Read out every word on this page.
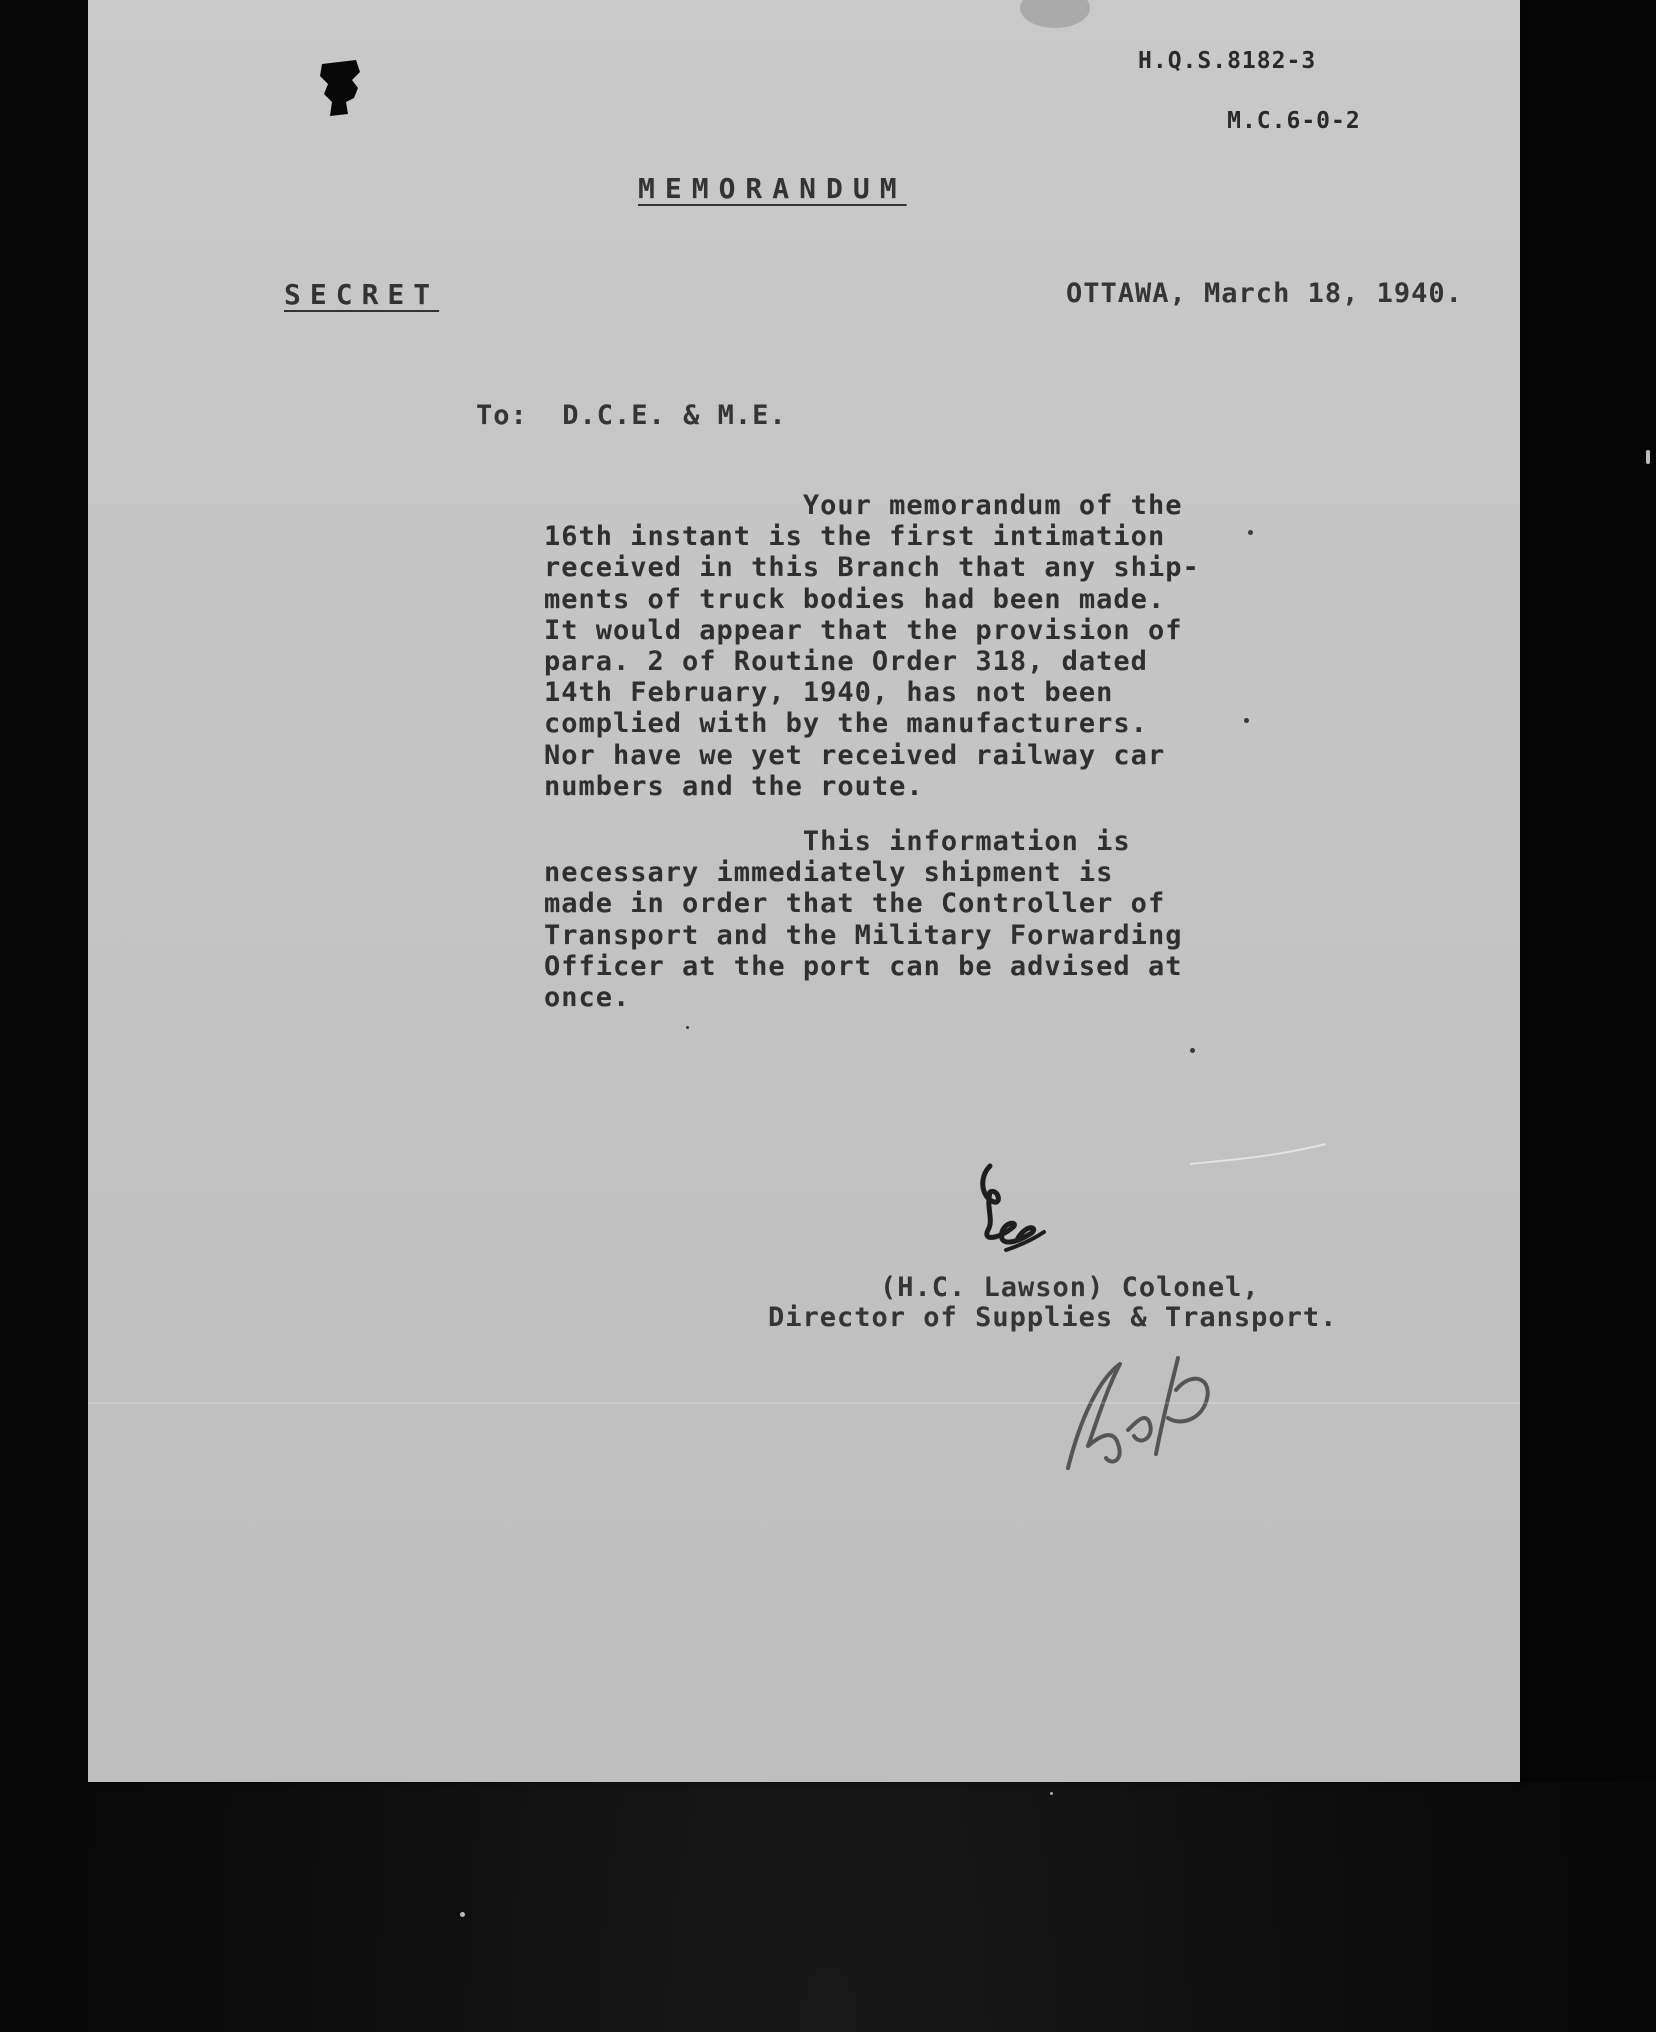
H.Q.S.8182-3

M.C.6-0-2

MEMORANDUM
SECRET	OTTAWA, March 18, 1940.
To:  D.C.E. & M.E.
Your memorandum of the
16th instant is the first intimation
received in this Branch that any ship-
ments of truck bodies had been made.
It would appear that the provision of
para. 2 of Routine Order 318, dated
14th February, 1940, has not been
complied with by the manufacturers.
Nor have we yet received railway car
numbers and the route.
This information is
necessary immediately shipment is
made in order that the Controller of
Transport and the Military Forwarding
Officer at the port can be advised at
once.
(H.C. Lawson) Colonel,
Director of Supplies & Transport.
